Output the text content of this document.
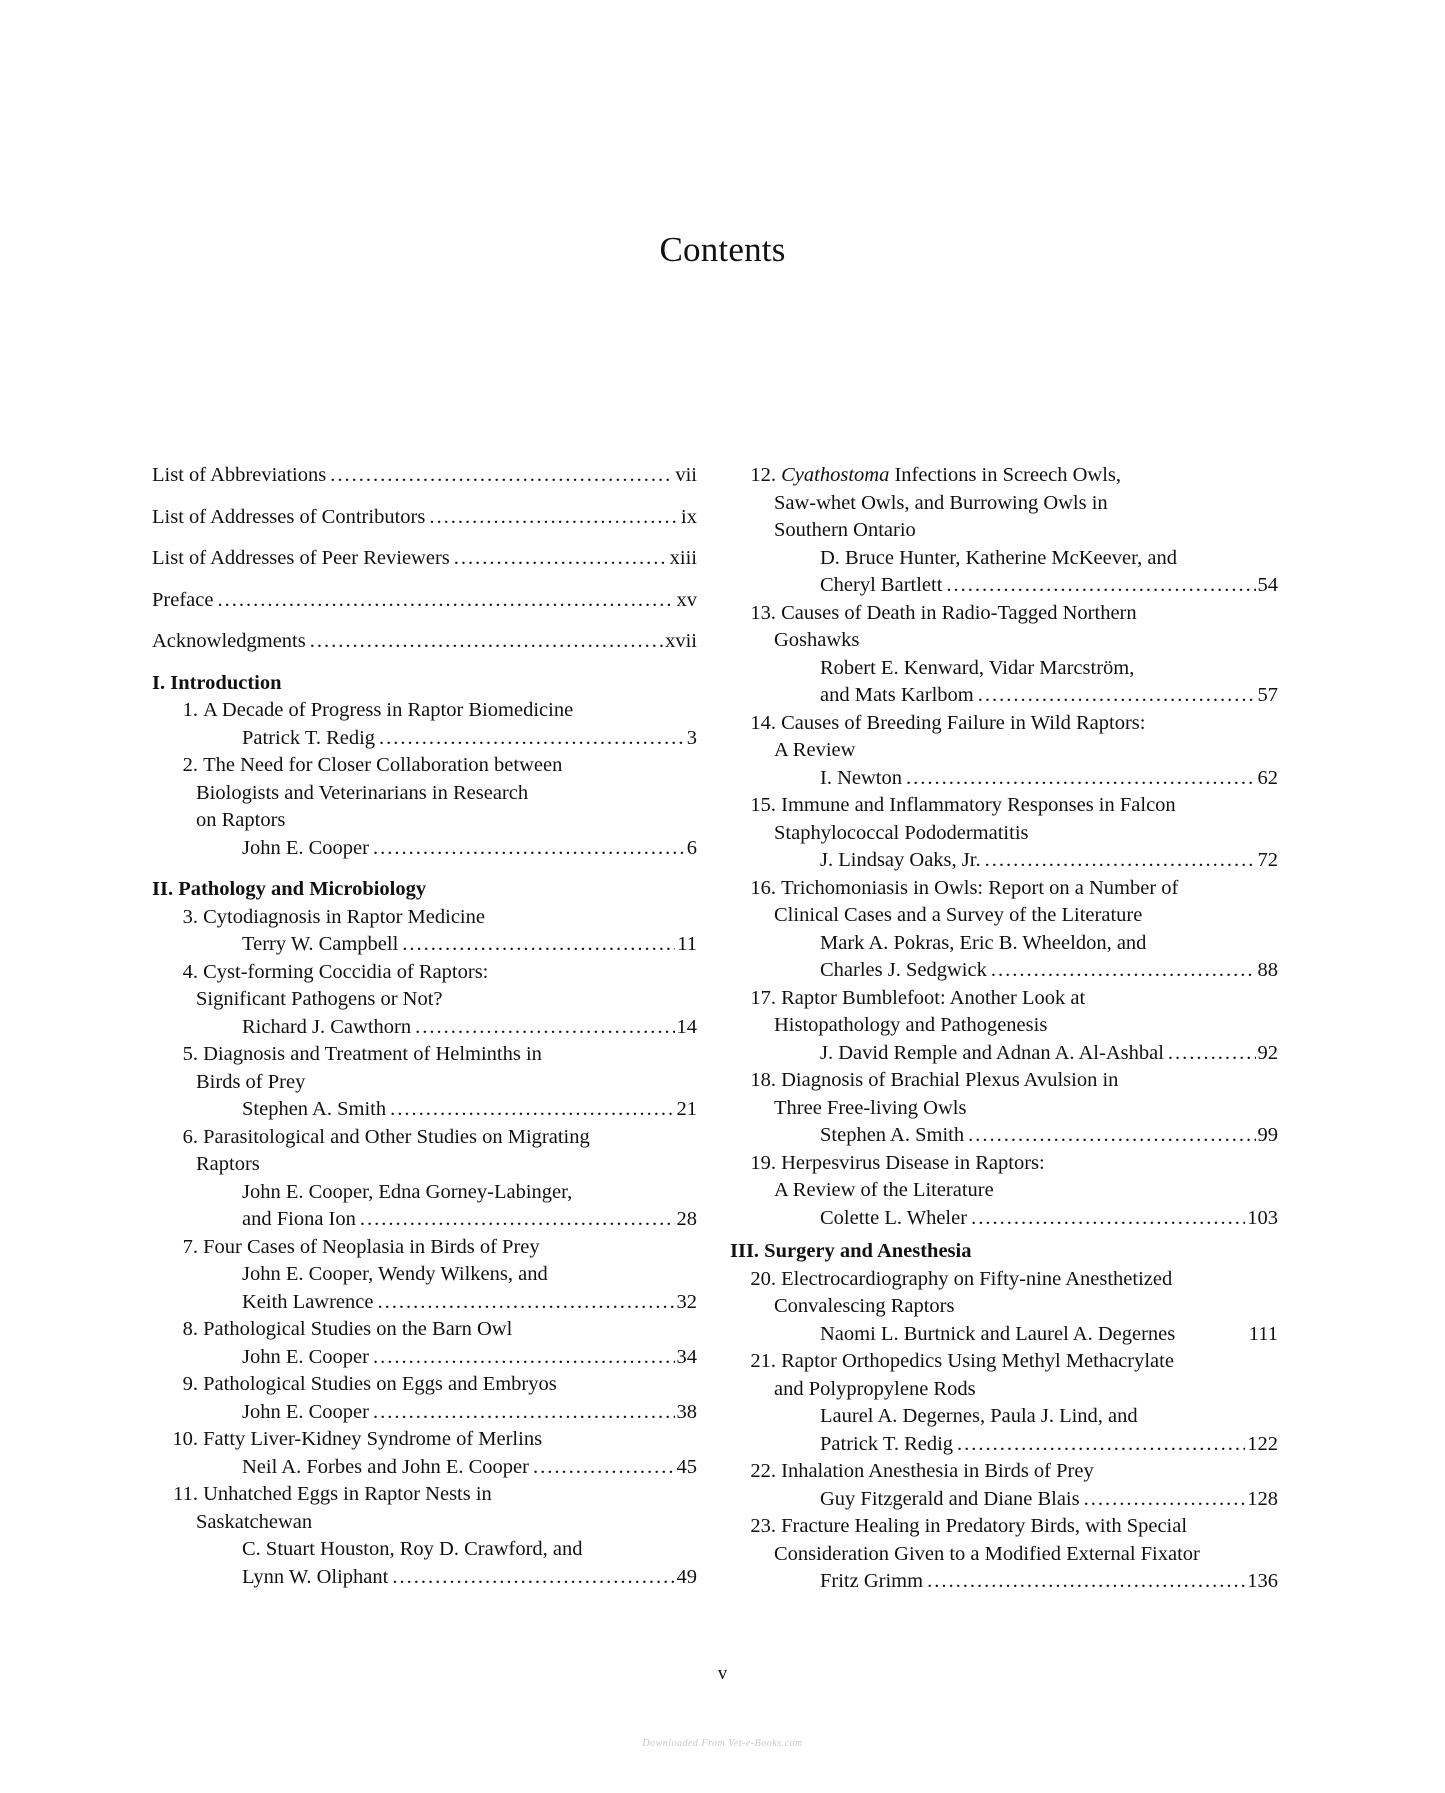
Contents
List of Abbreviations .....	vii
List of Addresses of Contributors .....	ix
List of Addresses of Peer Reviewers .....	xiii
Preface .....	xv
Acknowledgments .....	xvii
I. Introduction
1.
A Decade of Progress in Raptor Biomedicine
Patrick T. Redig .....	3
2.
The Need for Closer Collaboration between
Biologists and Veterinarians in Research
on Raptors
John E. Cooper .....	6
II. Pathology and Microbiology
3.
Cytodiagnosis in Raptor Medicine
Terry W. Campbell .....	11
4.
Cyst-forming Coccidia of Raptors:
Significant Pathogens or Not?
Richard J. Cawthorn .....	14
5.
Diagnosis and Treatment of Helminths in
Birds of Prey
Stephen A. Smith .....	21
6.
Parasitological and Other Studies on Migrating
Raptors
John E. Cooper, Edna Gorney-Labinger,
and Fiona Ion .....	28
7.
Four Cases of Neoplasia in Birds of Prey
John E. Cooper, Wendy Wilkens, and
Keith Lawrence .....	32
8.
Pathological Studies on the Barn Owl
John E. Cooper .....	34
9.
Pathological Studies on Eggs and Embryos
John E. Cooper .....	38
10.
Fatty Liver-Kidney Syndrome of Merlins
Neil A. Forbes and John E. Cooper .....	45
11.
Unhatched Eggs in Raptor Nests in
Saskatchewan
C. Stuart Houston, Roy D. Crawford, and
Lynn W. Oliphant .....	49
12.
Cyathostoma Infections in Screech Owls,
Saw-whet Owls, and Burrowing Owls in
Southern Ontario
D. Bruce Hunter, Katherine McKeever, and
Cheryl Bartlett .....	54
13.
Causes of Death in Radio-Tagged Northern
Goshawks
Robert E. Kenward, Vidar Marcström,
and Mats Karlbom .....	57
14.
Causes of Breeding Failure in Wild Raptors:
A Review
I. Newton .....	62
15.
Immune and Inflammatory Responses in Falcon
Staphylococcal Pododermatitis
J. Lindsay Oaks, Jr. .....	72
16.
Trichomoniasis in Owls: Report on a Number of
Clinical Cases and a Survey of the Literature
Mark A. Pokras, Eric B. Wheeldon, and
Charles J. Sedgwick .....	88
17.
Raptor Bumblefoot: Another Look at
Histopathology and Pathogenesis
J. David Remple and Adnan A. Al-Ashbal .....	92
18.
Diagnosis of Brachial Plexus Avulsion in
Three Free-living Owls
Stephen A. Smith .....	99
19.
Herpesvirus Disease in Raptors:
A Review of the Literature
Colette L. Wheler .....	103
III. Surgery and Anesthesia
20.
Electrocardiography on Fifty-nine Anesthetized
Convalescing Raptors
Naomi L. Burtnick and Laurel A. Degernes	111
21.
Raptor Orthopedics Using Methyl Methacrylate
and Polypropylene Rods
Laurel A. Degernes, Paula J. Lind, and
Patrick T. Redig .....	122
22.
Inhalation Anesthesia in Birds of Prey
Guy Fitzgerald and Diane Blais .....	128
23.
Fracture Healing in Predatory Birds, with Special
Consideration Given to a Modified External Fixator
Fritz Grimm .....	136
v
Downloaded From Vet-e-Books.com
